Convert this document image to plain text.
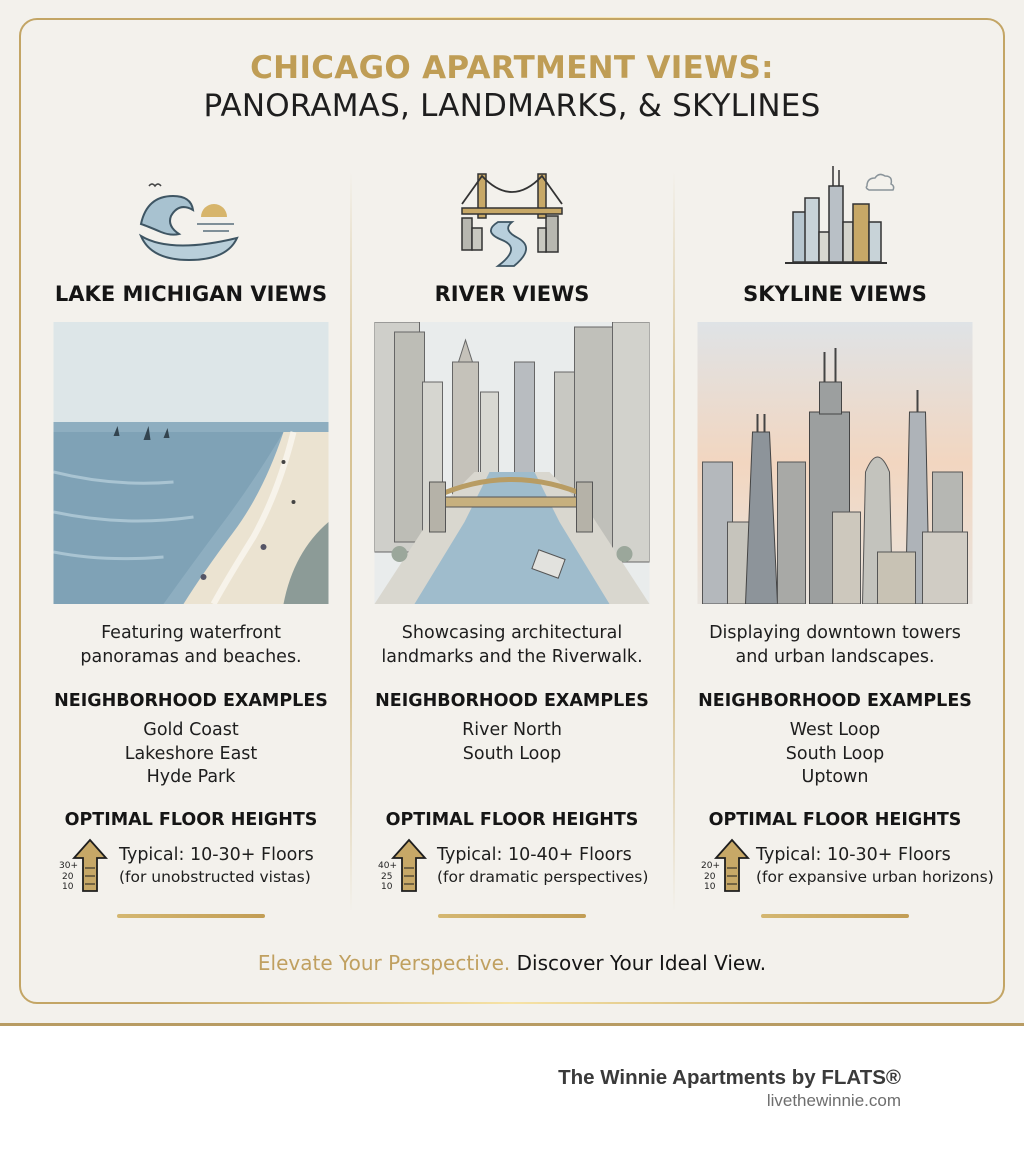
CHICAGO APARTMENT VIEWS:
PANORAMAS, LANDMARKS, & SKYLINES
LAKE MICHIGAN VIEWS
Featuring waterfront
panoramas and beaches.
NEIGHBORHOOD EXAMPLES
Gold Coast
Lakeshore East
Hyde Park
OPTIMAL FLOOR HEIGHTS
30+
20
10
Typical: 10-30+ Floors
(for unobstructed vistas)
RIVER VIEWS
Showcasing architectural
landmarks and the Riverwalk.
NEIGHBORHOOD EXAMPLES
River North
South Loop
OPTIMAL FLOOR HEIGHTS
40+
25
10
Typical: 10-40+ Floors
(for dramatic perspectives)
SKYLINE VIEWS
Displaying downtown towers
and urban landscapes.
NEIGHBORHOOD EXAMPLES
West Loop
South Loop
Uptown
OPTIMAL FLOOR HEIGHTS
20+
20
10
Typical: 10-30+ Floors
(for expansive urban horizons)
Elevate Your Perspective. Discover Your Ideal View.
The Winnie Apartments by FLATS®
livethewinnie.com
